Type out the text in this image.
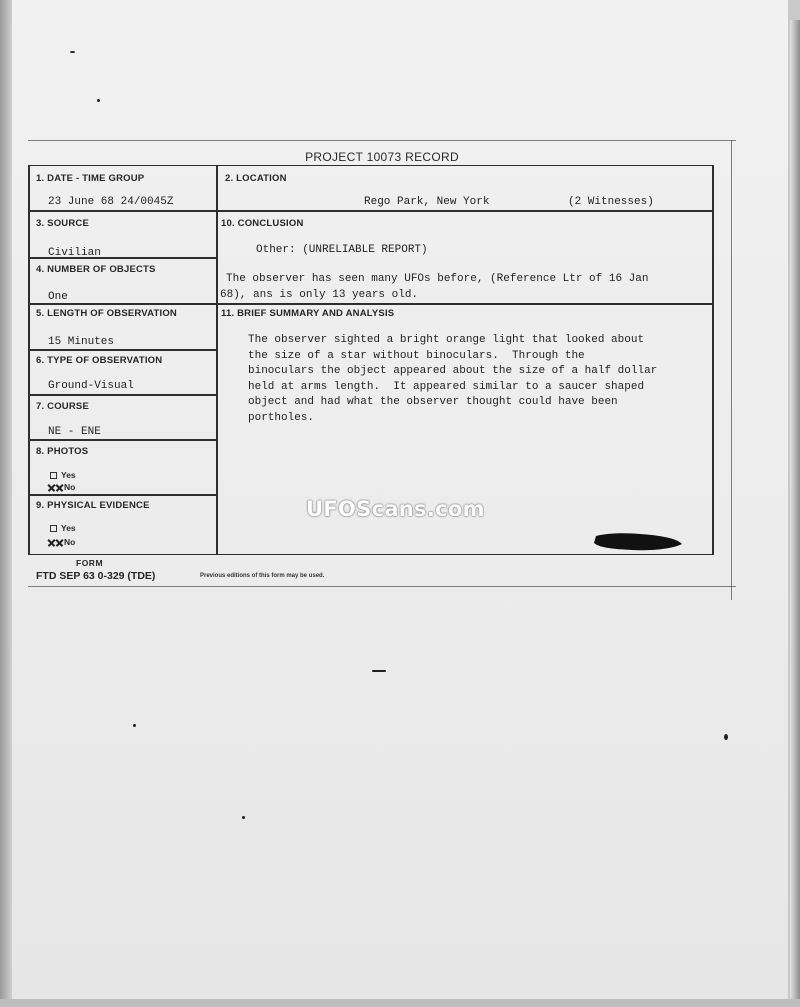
PROJECT 10073 RECORD
1. DATE - TIME GROUP
23 June 68 24/0045Z
3. SOURCE
Civilian
4. NUMBER OF OBJECTS
One
5. LENGTH OF OBSERVATION
15 Minutes
6. TYPE OF OBSERVATION
Ground-Visual
7. COURSE
NE - ENE
8. PHOTOS
Yes
No
9. PHYSICAL EVIDENCE
Yes
No
2. LOCATION
Rego Park, New York	(2 Witnesses)
10. CONCLUSION
Other: (UNRELIABLE REPORT)
The observer has seen many UFOs before, (Reference Ltr of 16 Jan
68), ans is only 13 years old.
11. BRIEF SUMMARY AND ANALYSIS
The observer sighted a bright orange light that looked about
the size of a star without binoculars.  Through the
binoculars the object appeared about the size of a half dollar
held at arms length.  It appeared similar to a saucer shaped
object and had what the observer thought could have been
portholes.
FORM
FTD SEP 63 0-329 (TDE)	Previous editions of this form may be used.
UFOScans.com
